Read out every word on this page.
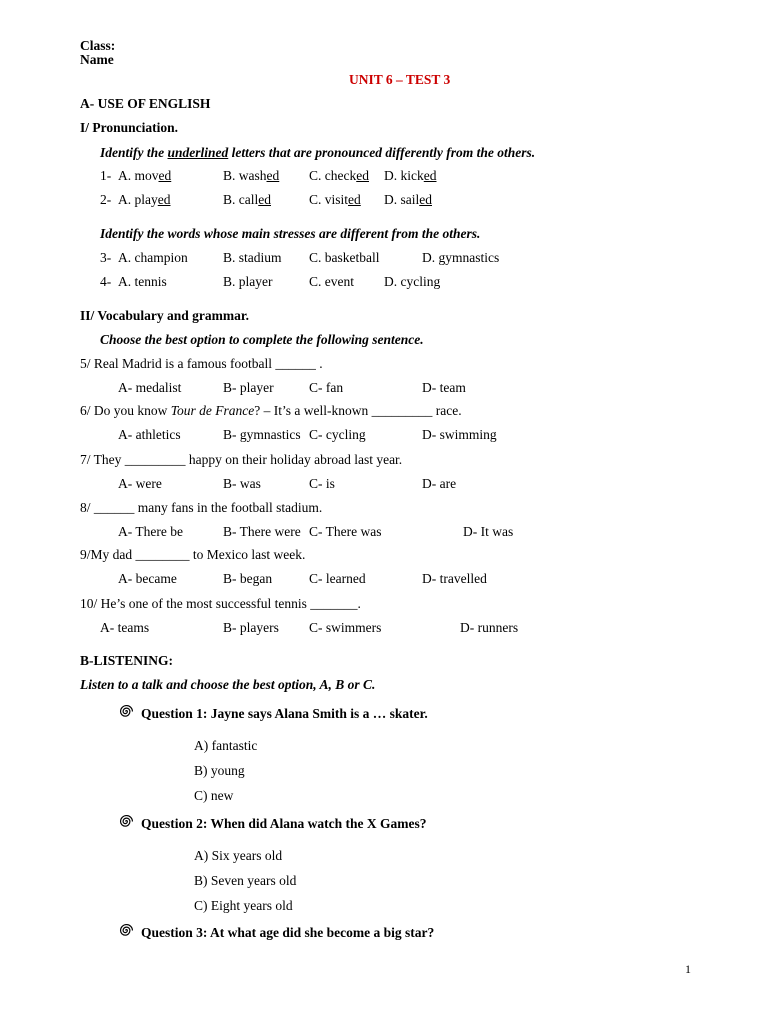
Class:
Name
UNIT 6 – TEST 3
A- USE OF ENGLISH
I/ Pronunciation.
Identify the underlined letters that are pronounced differently from the others.
1- A. moved	B. washed C. checked D. kicked
2- A. played	B. called	C. visited D. sailed
Identify the words whose main stresses are different from the others.
3- A. champion	B. stadium C. basketball	D. gymnastics
4- A. tennis	B. player	C. event D. cycling
II/ Vocabulary and grammar.
Choose the best option to complete the following sentence.
5/ Real Madrid is a famous football ______ .
A- medalist	B- player	C- fan	D- team
6/ Do you know Tour de France? – It’s a well-known _________ race.
A- athletics	B- gymnastics C- cycling	D- swimming
7/ They _________ happy on their holiday abroad last year.
A- were	B- was	C- is	D- are
8/ ______ many fans in the football stadium.
A- There be	B- There were C- There was	D- It was
9/My dad ________ to Mexico last week.
A- became	B- began	C- learned	D- travelled
10/ He’s one of the most successful tennis _______.
A- teams	B- players C- swimmers	D- runners
B-LISTENING:
Listen to a talk and choose the best option, A, B or C.
Question 1: Jayne says Alana Smith is a … skater.
A) fantastic
B) young
C) new
Question 2: When did Alana watch the X Games?
A) Six years old
B) Seven years old
C) Eight years old
Question 3: At what age did she become a big star?
1
